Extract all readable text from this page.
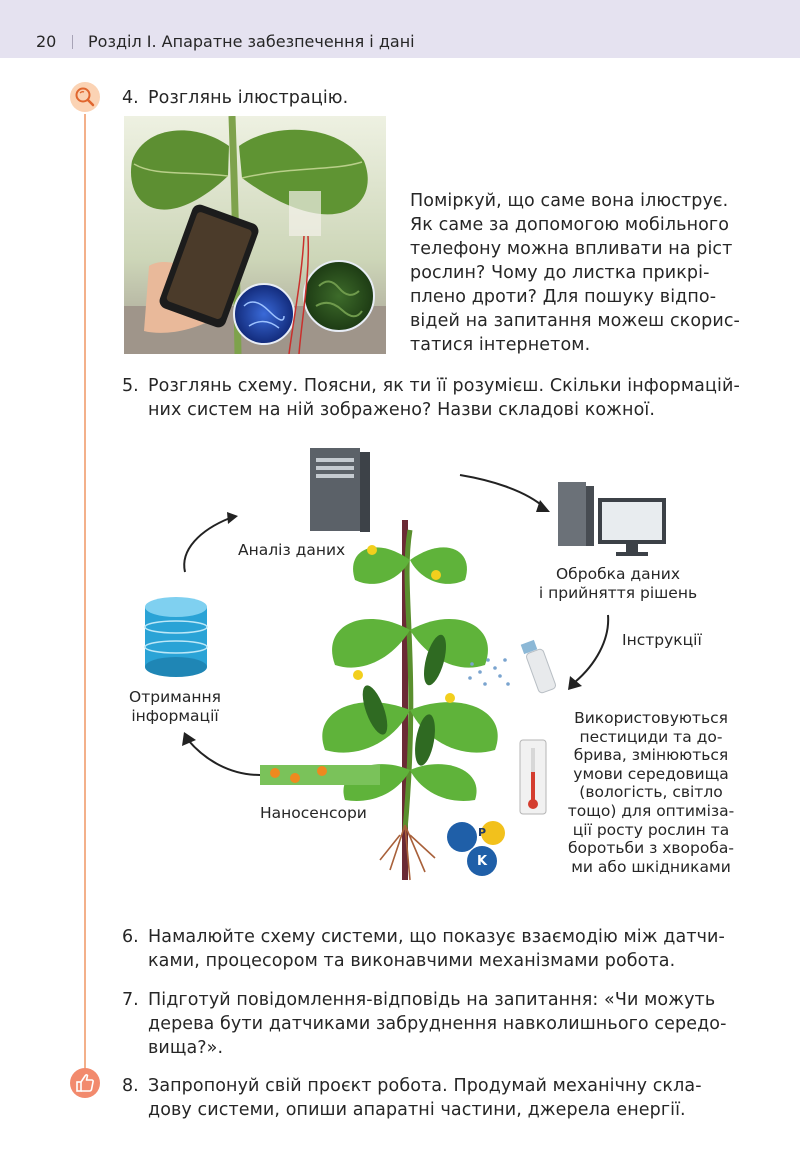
20 Розділ I. Апаратне забезпечення і дані
4. Розглянь ілюстрацію.
Поміркуй, що саме вона ілюструє.
Як саме за допомогою мобільного
телефону можна впливати на ріст
рослин? Чому до листка прикрі-
плено дроти? Для пошуку відпо-
відей на запитання можеш скорис-
татися інтернетом.
5. Розглянь схему. Поясни, як ти її розумієш. Скільки інформацій-
них систем на ній зображено? Назви складові кожної.
N	P
K
Аналіз даних
Обробка даних
і прийняття рішень
Інструкції
Отримання
інформації
Наносенсори
Використовуються
пестициди та до-
брива, змінюються
умови середовища
(вологість, світло
тощо) для оптимізa-
ції росту рослин та
боротьби з хвороба-
ми або шкідниками
6. Намалюйте схему системи, що показує взаємодію між датчи-
ками, процесором та виконавчими механізмами робота.
7. Підготуй повідомлення-відповідь на запитання: «Чи можуть
дерева бути датчиками забруднення навколишнього середо-
вища?».
8. Запропонуй свій проєкт робота. Продумай механічну скла-
дову системи, опиши апаратні частини, джерела енергії.
